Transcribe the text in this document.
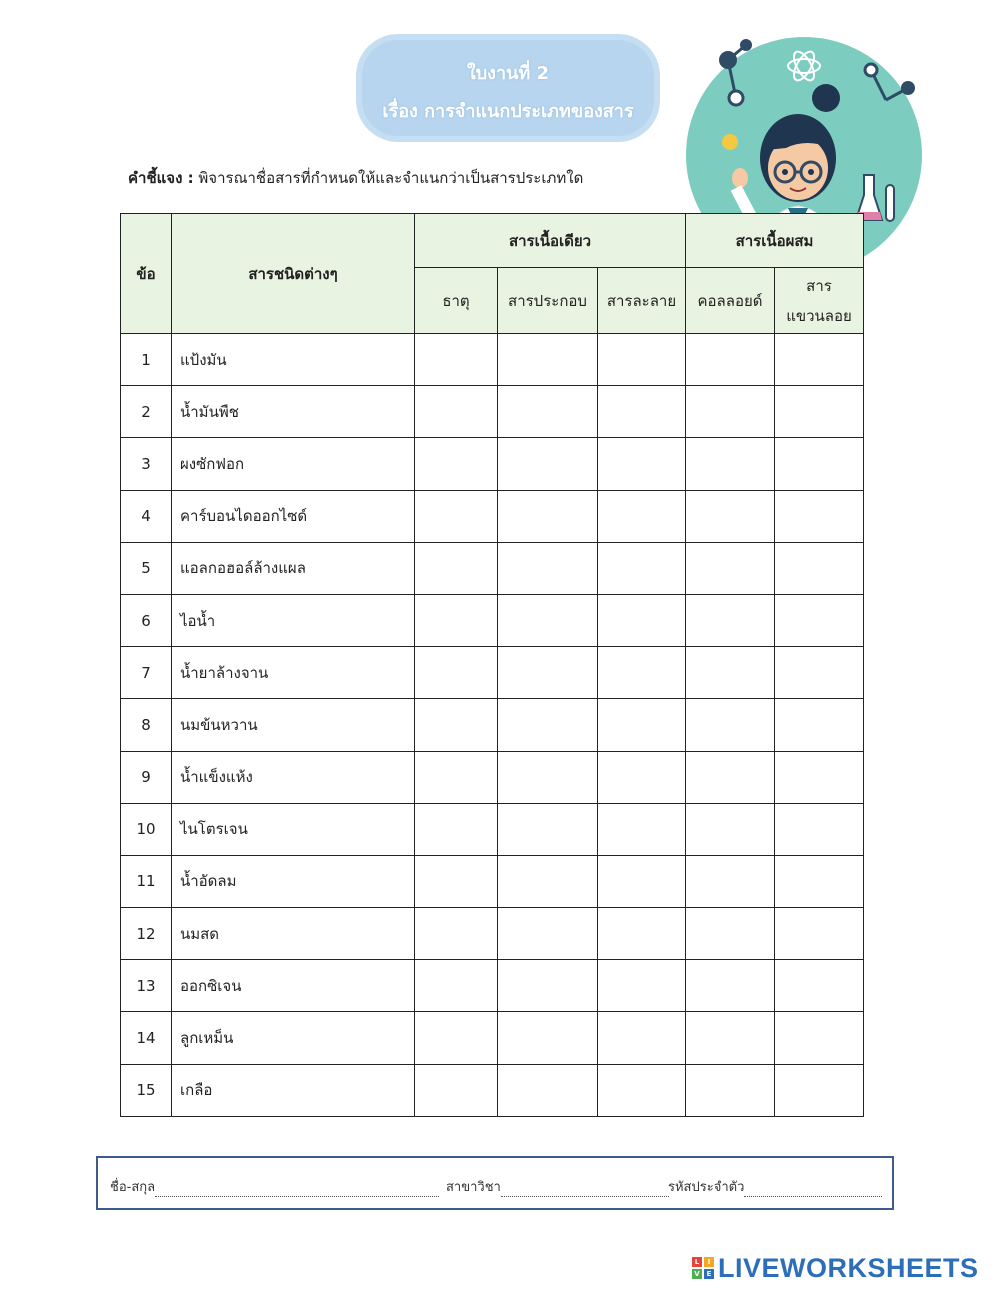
ใบงานที่ 2
เรื่อง การจำแนกประเภทของสาร
คำชี้แจง : พิจารณาชื่อสารที่กำหนดให้และจำแนกว่าเป็นสารประเภทใด
ข้อ	สารชนิดต่างๆ	สารเนื้อเดียว			สารเนื้อผสม	
		ธาตุ	สารประกอบ	สารละลาย	คอลลอยด์	สาร
แขวนลอย
1	แป้งมัน					
2	น้ำมันพืช					
3	ผงซักฟอก					
4	คาร์บอนไดออกไซด์					
5	แอลกอฮอล์ล้างแผล					
6	ไอน้ำ					
7	น้ำยาล้างจาน					
8	นมข้นหวาน					
9	น้ำแข็งแห้ง					
10	ไนโตรเจน					
11	น้ำอัดลม					
12	นมสด					
13	ออกซิเจน					
14	ลูกเหม็น					
15	เกลือ					
ชื่อ-สกุล	สาขาวิชา	รหัสประจำตัว
L	I
V E LIVEWORKSHEETS
